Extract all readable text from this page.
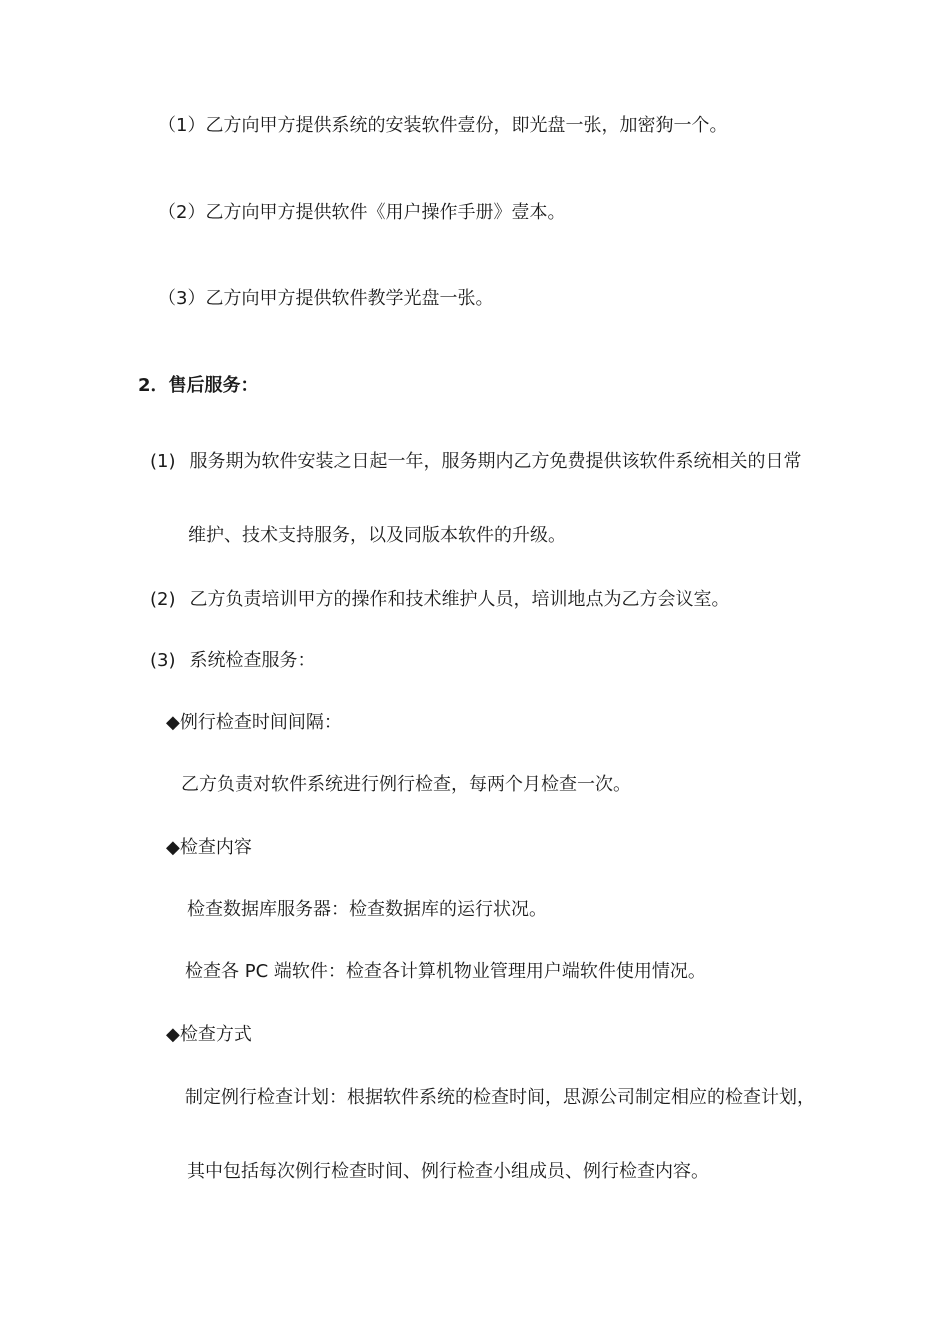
（1）乙方向甲方提供系统的安装软件壹份，即光盘一张，加密狗一个。
（2）乙方向甲方提供软件《用户操作手册》壹本。
（3）乙方向甲方提供软件教学光盘一张。
2．售后服务：
(1) 服务期为软件安装之日起一年，服务期内乙方免费提供该软件系统相关的日常
维护、技术支持服务，以及同版本软件的升级。
(2) 乙方负责培训甲方的操作和技术维护人员，培训地点为乙方会议室。
(3) 系统检查服务：
◆例行检查时间间隔：
乙方负责对软件系统进行例行检查，每两个月检查一次。
◆检查内容
检查数据库服务器：检查数据库的运行状况。
检查各 PC 端软件：检查各计算机物业管理用户端软件使用情况。
◆检查方式
制定例行检查计划：根据软件系统的检查时间，思源公司制定相应的检查计划，
其中包括每次例行检查时间、例行检查小组成员、例行检查内容。
